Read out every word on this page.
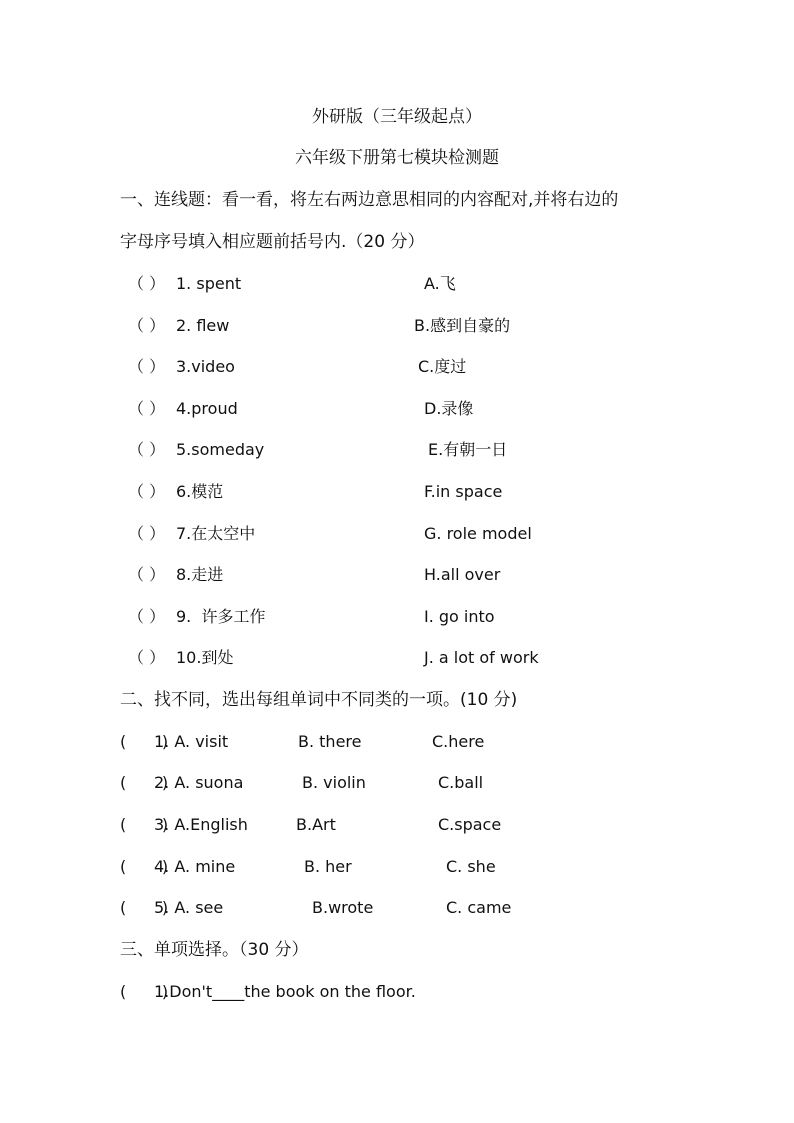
外研版（三年级起点）
六年级下册第七模块检测题
一、连线题：看一看，将左右两边意思相同的内容配对,并将右边的
字母序号填入相应题前括号内.（20 分）
（ ） 1. spent	A.飞
（ ） 2. flew	B.感到自豪的
（ ） 3.video	C.度过
（ ） 4.proud	D.录像
（ ） 5.someday	E.有朝一日
（ ） 6.模范	F.in space
（ ） 7.在太空中	G. role model
（ ） 8.走进	H.all over
（ ） 9.  许多工作	I. go into
（ ） 10.到处	J. a lot of work
二、找不同，选出每组单词中不同类的一项。(10 分)
(       )
1. A. visit	B. there	C.here
(       )
2. A. suona	B. violin	C.ball
(       )
3. A.English	B.Art	C.space
(       )
4. A. mine	B. her	C. she
(       )
5. A. see	B.wrote	C. came
三、单项选择。（30 分）
(       )
1.Don't____the book on the floor.
